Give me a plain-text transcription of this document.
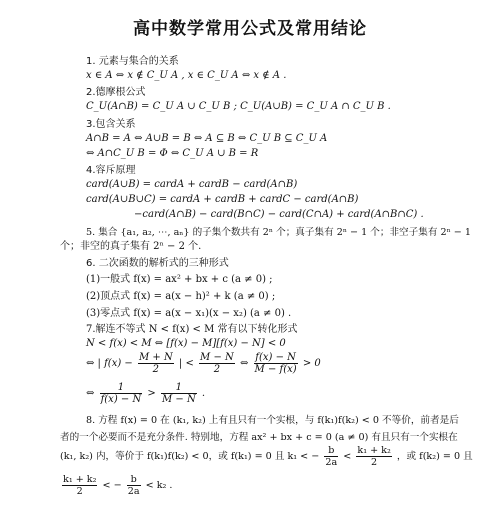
高中数学常用公式及常用结论
1. 元素与集合的关系
x ∈ A ⇔ x ∉ C_U A , x ∈ C_U A ⇔ x ∉ A .
2.德摩根公式
C_U(A∩B) = C_U A ∪ C_U B ; C_U(A∪B) = C_U A ∩ C_U B .
3.包含关系
A∩B = A ⇔ A∪B = B ⇔ A ⊆ B ⇔ C_U B ⊆ C_U A
⇔ A∩C_U B = Φ ⇔ C_U A ∪ B = R
4.容斥原理
card(A∪B) = cardA + cardB − card(A∩B)
card(A∪B∪C) = cardA + cardB + cardC − card(A∩B)
−card(A∩B) − card(B∩C) − card(C∩A) + card(A∩B∩C) .
5. 集合 {a₁, a₂, ⋯, aₙ} 的子集个数共有 2ⁿ 个；真子集有 2ⁿ − 1 个；非空子集有 2ⁿ − 1
个；非空的真子集有 2ⁿ − 2 个.
6. 二次函数的解析式的三种形式
(1)一般式 f(x) = ax² + bx + c (a ≠ 0) ;
(2)顶点式 f(x) = a(x − h)² + k (a ≠ 0) ;
(3)零点式 f(x) = a(x − x₁)(x − x₂) (a ≠ 0) .
7.解连不等式 N < f(x) < M 常有以下转化形式
N < f(x) < M ⇔ [f(x) − M][f(x) − N] < 0
⇔ | $f(x) - \frac{M + N}{2}$ | < $\frac{M - N}{2}$ ⇔ $\frac{f(x) - N}{M - f(x)} > 0$
⇔ $\frac{1}{f(x) - N} > \frac{1}{M - N}$ .
8. 方程 f(x) = 0 在 (k₁, k₂) 上有且只有一个实根，与 f(k₁)f(k₂) < 0 不等价，前者是后
者的一个必要而不是充分条件. 特别地，方程 ax² + bx + c = 0 (a ≠ 0) 有且只有一个实根在
(k₁, k₂) 内，等价于 f(k₁)f(k₂) < 0，或 f(k₁) = 0 且 k₁ < − $\frac{b}{2a} < \frac{\text{k₁ + k₂}}{2}$ ，或 f(k₂) = 0 且
$\frac{\text{k₁ + k₂}}{2}$ < − $\frac{b}{2a} < k_2$ .
